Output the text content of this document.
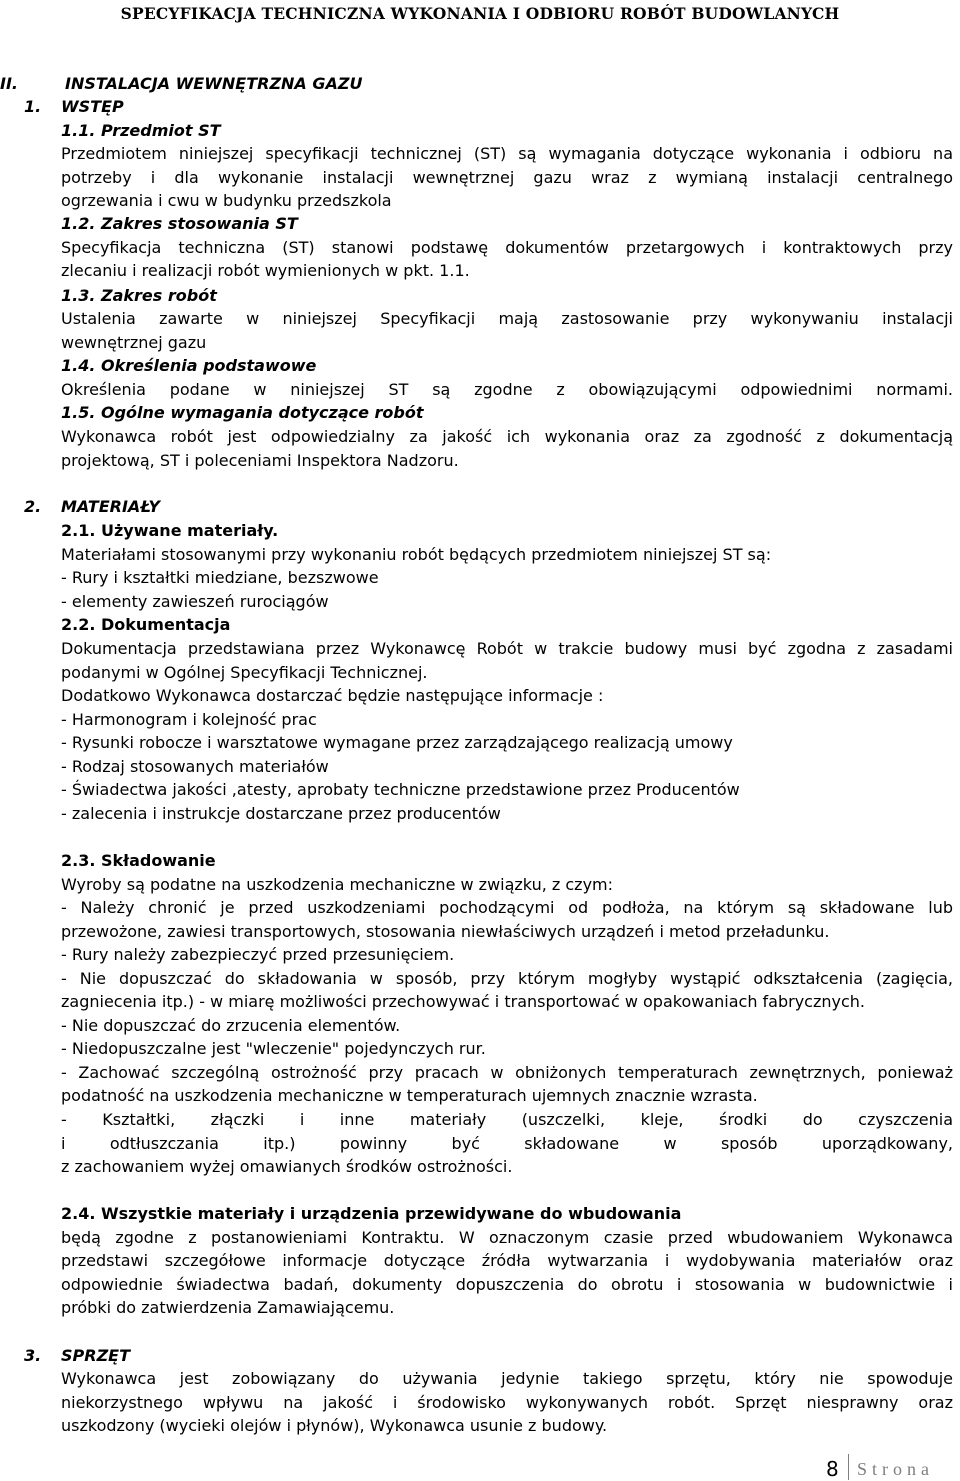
SPECYFIKACJA TECHNICZNA WYKONANIA I ODBIORU ROBÓT BUDOWLANYCH
II.	INSTALACJA WEWNĘTRZNA GAZU
1. WSTĘP
1.1. Przedmiot ST
Przedmiotem niniejszej specyfikacji technicznej (ST) są wymagania dotyczące wykonania i odbioru na
potrzeby i dla wykonanie instalacji wewnętrznej gazu wraz z wymianą instalacji centralnego
ogrzewania i cwu w budynku przedszkola
1.2. Zakres stosowania ST
Specyfikacja techniczna (ST) stanowi podstawę dokumentów przetargowych i kontraktowych przy
zlecaniu i realizacji robót wymienionych w pkt. 1.1.
1.3. Zakres robót
Ustalenia zawarte w niniejszej Specyfikacji mają zastosowanie przy wykonywaniu instalacji
wewnętrznej gazu
1.4. Określenia podstawowe
Określenia podane w niniejszej ST są zgodne z obowiązującymi odpowiednimi normami.
1.5. Ogólne wymagania dotyczące robót
Wykonawca robót jest odpowiedzialny za jakość ich wykonania oraz za zgodność z dokumentacją
projektową, ST i poleceniami Inspektora Nadzoru.
2. MATERIAŁY
2.1. Używane materiały.
Materiałami stosowanymi przy wykonaniu robót będących przedmiotem niniejszej ST są:
- Rury i kształtki miedziane, bezszwowe
- elementy zawieszeń rurociągów
2.2. Dokumentacja
Dokumentacja przedstawiana przez Wykonawcę Robót w trakcie budowy musi być zgodna z zasadami
podanymi w Ogólnej Specyfikacji Technicznej.
Dodatkowo Wykonawca dostarczać będzie następujące informacje :
- Harmonogram i kolejność prac
- Rysunki robocze i warsztatowe wymagane przez zarządzającego realizacją umowy
- Rodzaj stosowanych materiałów
- Świadectwa jakości ,atesty, aprobaty techniczne przedstawione przez Producentów
- zalecenia i instrukcje dostarczane przez producentów
2.3. Składowanie
Wyroby są podatne na uszkodzenia mechaniczne w związku, z czym:
- Należy chronić je przed uszkodzeniami pochodzącymi od podłoża, na którym są składowane lub
przewożone, zawiesi transportowych, stosowania niewłaściwych urządzeń i metod przeładunku.
- Rury należy zabezpieczyć przed przesunięciem.
- Nie dopuszczać do składowania w sposób, przy którym mogłyby wystąpić odkształcenia (zagięcia,
zagniecenia itp.) - w miarę możliwości przechowywać i transportować w opakowaniach fabrycznych.
- Nie dopuszczać do zrzucenia elementów.
- Niedopuszczalne jest "wleczenie" pojedynczych rur.
- Zachować szczególną ostrożność przy pracach w obniżonych temperaturach zewnętrznych, ponieważ
podatność na uszkodzenia mechaniczne w temperaturach ujemnych znacznie wzrasta.
- Kształtki, złączki i inne materiały (uszczelki, kleje, środki do czyszczenia
i odtłuszczania itp.) powinny być składowane w sposób uporządkowany,
z zachowaniem wyżej omawianych środków ostrożności.
2.4. Wszystkie materiały i urządzenia przewidywane do wbudowania
będą zgodne z postanowieniami Kontraktu. W oznaczonym czasie przed wbudowaniem Wykonawca
przedstawi szczegółowe informacje dotyczące źródła wytwarzania i wydobywania materiałów oraz
odpowiednie świadectwa badań, dokumenty dopuszczenia do obrotu i stosowania w budownictwie i
próbki do zatwierdzenia Zamawiającemu.
3. SPRZĘT
Wykonawca jest zobowiązany do używania jedynie takiego sprzętu, który nie spowoduje
niekorzystnego wpływu na jakość i środowisko wykonywanych robót. Sprzęt niesprawny oraz
uszkodzony (wycieki olejów i płynów), Wykonawca usunie z budowy.
8 Strona
